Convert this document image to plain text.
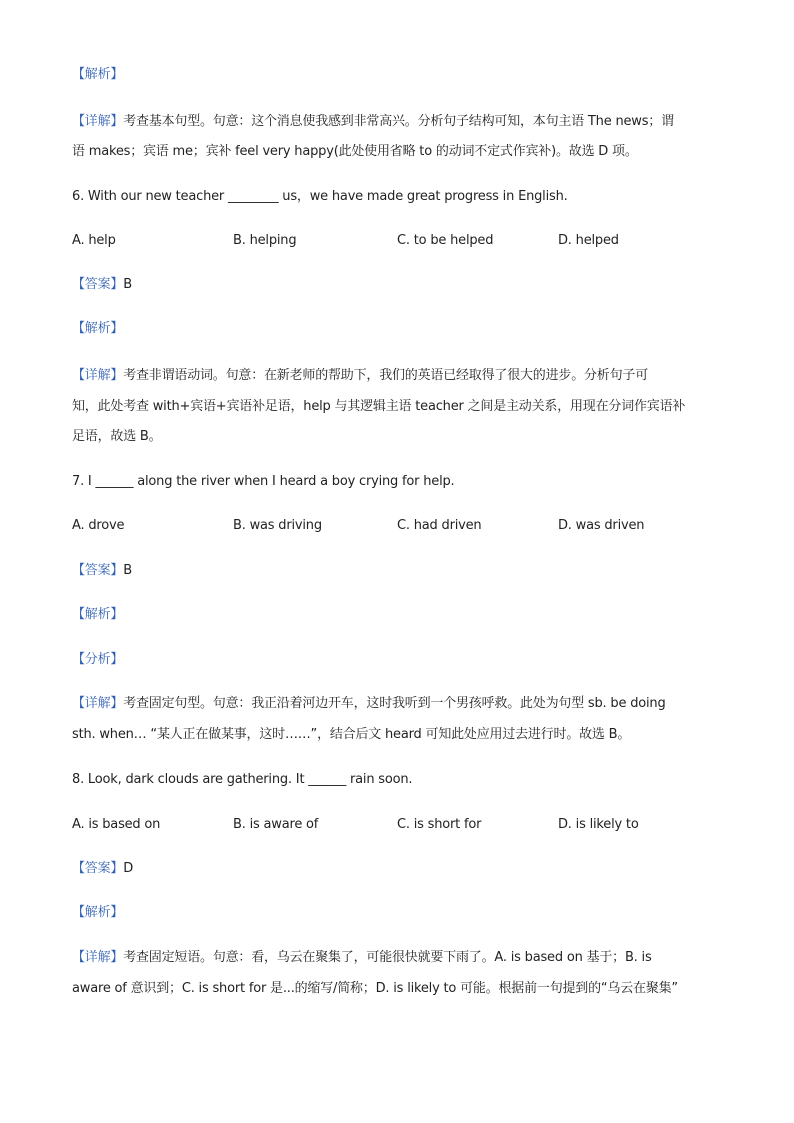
【解析】
【详解】考查基本句型。句意：这个消息使我感到非常高兴。分析句子结构可知，本句主语 The news；谓
语 makes；宾语 me；宾补 feel very happy(此处使用省略 to 的动词不定式作宾补)。故选 D 项。
6. With our new teacher ________ us，we have made great progress in English.
A. help	B. helping	C. to be helped	D. helped
【答案】B
【解析】
【详解】考查非谓语动词。句意：在新老师的帮助下，我们的英语已经取得了很大的进步。分析句子可
知，此处考查 with+宾语+宾语补足语，help 与其逻辑主语 teacher 之间是主动关系，用现在分词作宾语补
足语，故选 B。
7. I ______ along the river when I heard a boy crying for help.
A. drove	B. was driving	C. had driven	D. was driven
【答案】B
【解析】
【分析】
【详解】考查固定句型。句意：我正沿着河边开车，这时我听到一个男孩呼救。此处为句型 sb. be doing
sth. when… “某人正在做某事，这时……”，结合后文 heard 可知此处应用过去进行时。故选 B。
8. Look, dark clouds are gathering. It ______ rain soon.
A. is based on	B. is aware of	C. is short for	D. is likely to
【答案】D
【解析】
【详解】考查固定短语。句意：看，乌云在聚集了，可能很快就要下雨了。A. is based on 基于；B. is
aware of 意识到；C. is short for 是...的缩写/简称；D. is likely to 可能。根据前一句提到的“乌云在聚集”
